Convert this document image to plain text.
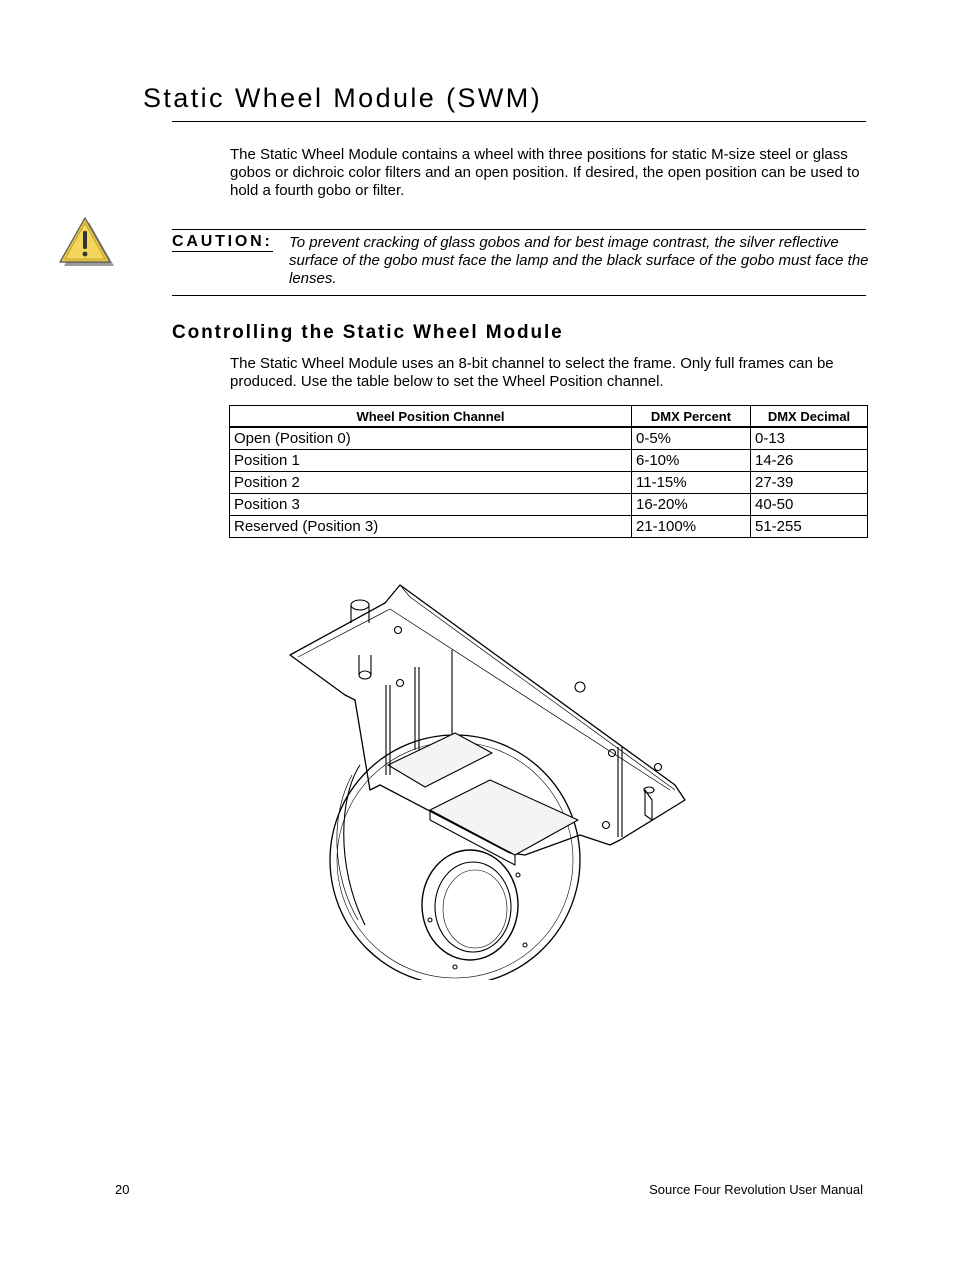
Static Wheel Module (SWM)

The Static Wheel Module contains a wheel with three positions for static M-size steel or glass gobos or dichroic color filters and an open position. If desired, the open position can be used to hold a fourth gobo or filter.

CAUTION: To prevent cracking of glass gobos and for best image contrast, the silver reflective surface of the gobo must face the lamp and the black surface of the gobo must face the lenses.

Controlling the Static Wheel Module

The Static Wheel Module uses an 8-bit channel to select the frame. Only full frames can be produced. Use the table below to set the Wheel Position channel.

Wheel Position Channel	DMX Percent	DMX Decimal
Open (Position 0)	0-5%	0-13
Position 1	6-10%	14-26
Position 2	11-15%	27-39
Position 3	16-20%	40-50
Reserved (Position 3)	21-100%	51-255
20	Source Four Revolution User Manual
